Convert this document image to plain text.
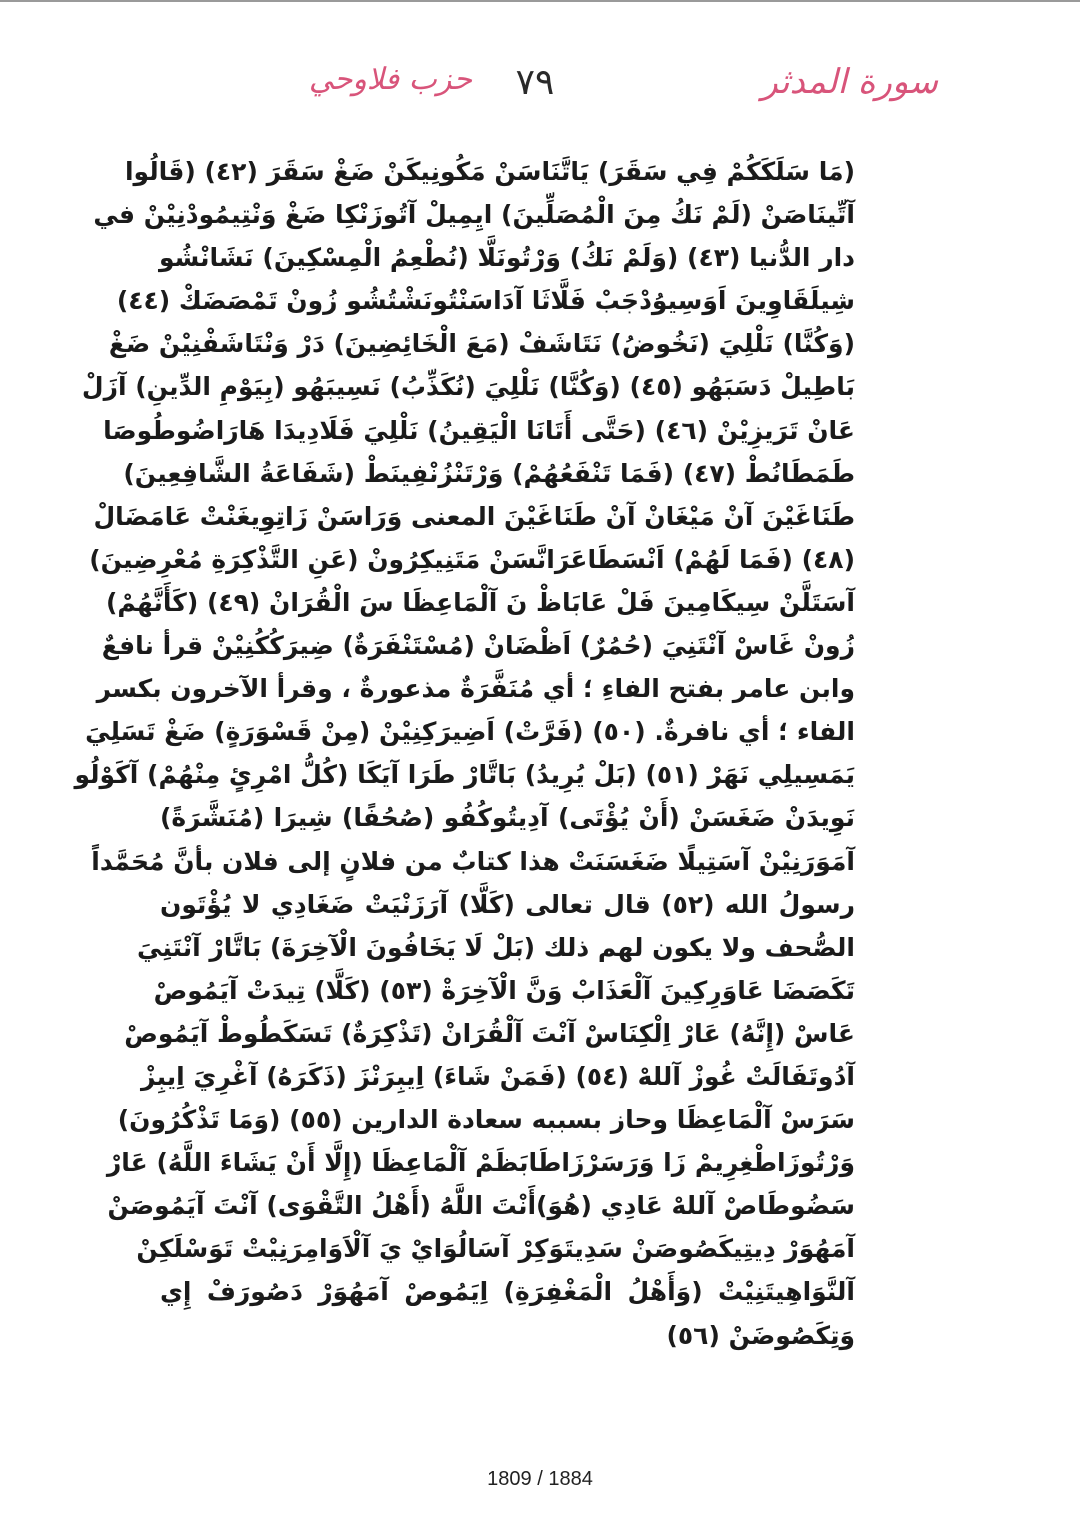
سورة المدثر
٧٩
حزب فلاوحي
(مَا سَلَكَكُمْ فِي سَقَرَ) يَاتَّنَاسَنْ مَكُونِيكَنْ ضَغْ سَقَرَ (٤٢) (قَالُوا
آتِّينَاصَنْ (لَمْ نَكُ مِنَ الْمُصَلِّينَ) ايِمِيلْ آتُوزَنْكِا ضَغْ وَنْتِيمُودْنِيْنْ في
دار الدُّنيا (٤٣) (وَلَمْ نَكُ) وَرْتُونَلَّا (نُطْعِمُ الْمِسْكِينَ) نَشَانْشُو
شِيلَقَاوِينَ اَوَسِيوُدْجَبْ فَلَّاثَا آدَاسَنْتُونَشْتُشُو زُونْ تَمْصَضَكْ (٤٤)
(وَكُنَّا) نَلْلِيَ (نَخُوضُ) نَتَاشَفْ (مَعَ الْخَائِضِينَ) دَرْ وَنْتَاشَفْنِيْنْ ضَغْ
بَاطِيلْ دَسَبَهُو (٤٥) (وَكُنَّا) نَلْلِيَ (نُكَذِّبُ) نَسِيبَهُو (بِيَوْمِ الدِّينِ) آزَلْ
عَانْ تَرَيزِيْنْ (٤٦) (حَتَّى أَتَانَا الْيَقِينُ) نَلْلِيَ فَلَادِيدَا هَارَاضُوطُوصَا
طَمَطَانُطْ (٤٧) (فَمَا تَنْفَعُهُمْ) وَرْتَنْزُنْفِينَطْ (شَفَاعَةُ الشَّافِعِينَ)
طَنَاغَيْنَ آنْ مَيْغَانْ آنْ طَنَاغَيْنَ المعنى وَرَاسَنْ زَاتِوِيغَنْتْ عَامَضَالْ
(٤٨) (فَمَا لَهُمْ) اَنْسَطَاعَرَانَّسَنْ مَتَنِيكِرُونْ (عَنِ التَّذْكِرَةِ مُعْرِضِينَ)
آسَتَلَّنْ سِيكَامِينَ فَلْ عَابَاظْ نَ آلْمَاعِظَا سَ الْقُرَانْ (٤٩) (كَأَنَّهُمْ)
زُونْ غَاسْ آنْتَنِيَ (حُمُرٌ) اَظْضَانْ (مُسْتَنْفَرَةٌ) ضِيرَكُكُنِيْنْ قرأ نافعٌ
وابن عامر بفتح الفاءِ ؛ أي مُنَفَّرَةٌ مذعورةٌ ، وقرأ الآخرون بكسر
الفاء ؛ أي نافرةٌ. (٥٠) (فَرَّتْ) اَضِيرَكِنِيْنْ (مِنْ قَسْوَرَةٍ) ضَغْ تَسَلِيَ
يَمَسِيلِي نَهَرْ (٥١) (بَلْ يُرِيدُ) بَاتَّارْ طَرَا آيَكَا (كُلُّ امْرِئٍ مِنْهُمْ) آكَوْلُو
نَوِيدَنْ ضَغَسَنْ (أَنْ يُؤْتَى) آدِيتُوكُفُو (صُحُفًا) شِيرَا (مُنَشَّرَةً)
آمَوَرَنِيْنْ آسَتِيلًا ضَغَسَنَتْ هذا كتابٌ من فلانٍ إلى فلان بأنَّ مُحَمَّداً
رسولُ الله (٥٢) قال تعالى (كَلَّا) آرَزَنْيَتْ ضَغَادِي لا يُؤْتَون
الصُّحف ولا يكون لهم ذلك (بَلْ لَا يَخَافُونَ الْآخِرَةَ) بَاتَّارْ آنْتَنِيَ
تَكَصَضَا عَاوَرِكِينَ آلْعَذَابْ وَنَّ الْآخِرَةْ (٥٣) (كَلَّا) تِيدَتْ آيَمُوصْ
عَاسْ (إِنَّهُ) عَارْ اِلْكِنَاسْ آنْتَ آلْقُرَانْ (تَذْكِرَةٌ) تَسَكَطُوطْ آيَمُوصْ
آدُوتَفَالَتْ غُوزْ آللهْ (٥٤) (فَمَنْ شَاءَ) اِيبِرَنْزَ (ذَكَرَهُ) آغْرِيَ اِيبِزْ
سَرَسْ آلْمَاعِظَا وحاز بسببه سعادة الدارين (٥٥) (وَمَا تَذْكُرُونَ)
وَرْتُوزَاطْغِرِيمْ زَا وَرَسَرْزَاطَابَظَمْ آلْمَاعِظَا (إِلَّا أَنْ يَشَاءَ اللَّهُ) عَارْ
سَضُوطَاصْ آللهْ عَادِي (هُوَ)أَنْتَ اللَّهُ (أَهْلُ التَّقْوَى) آنْتَ آيَمُوصَنْ
آمَهُوَرْ دِيتِيكَصُوصَنْ سَدِيتَوَكِرْ آسَالُوَايْ يَ آلْاَوَامِرَنِيْتْ تَوَسْلَكِنْ
آلنَّوَاهِيتَنِيْتْ (وَأَهْلُ الْمَغْفِرَةِ) اِيَمُوصْ آمَهُوَرْ دَصُورَفْ إِي
وَتِكَصُوضَنْ (٥٦)
1809 / 1884
